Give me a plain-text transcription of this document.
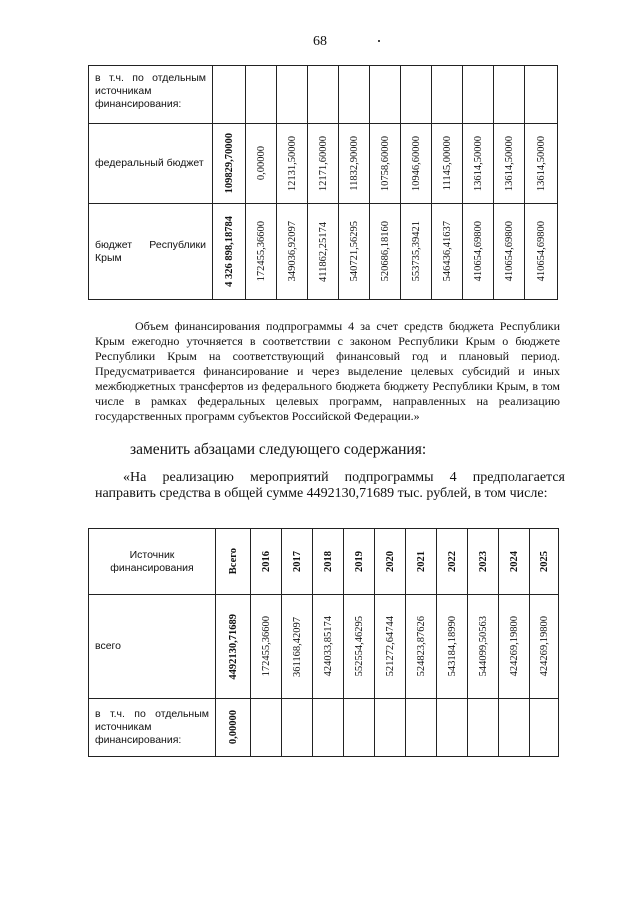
68
в т.ч. по отдельным источникам финансирования:											

федеральный бюджет	109829,70000	0,00000	12131,50000	12171,60000	11832,90000	10758,60000	10946,60000	11145,00000	13614,50000	13614,50000	13614,50000

бюджет Республики Крым	4 326 898,18784	172455,36600	349036,92097	411862,25174	540721,56295	520686,18160	553735,39421	546436,41637	410654,69800	410654,69800	410654,69800
Объем финансирования подпрограммы 4 за счет средств бюджета Республики Крым ежегодно уточняется в соответствии с законом Республики Крым о бюджете Республики Крым на соответствующий финансовый год и плановый период. Предусматривается финансирование и через выделение целевых субсидий и иных межбюджетных трансфертов из федерального бюджета бюджету Республики Крым, в том числе в рамках федеральных целевых программ, направленных на реализацию государственных программ субъектов Российской Федерации.»
заменить абзацами следующего содержания:
«На реализацию мероприятий подпрограммы 4 предполагается направить средства в общей сумме 4492130,71689 тыс. рублей, в том числе:
Источник финансирования	Всего	2016	2017	2018	2019	2020	2021	2022	2023	2024	2025

всего	4492130,71689	172455,36600	361168,42097	424033,85174	552554,46295	521272,64744	524823,87626	543184,18990	544099,50563	424269,19800	424269,19800

в т.ч. по отдельным источникам финансирования:	0,00000										
